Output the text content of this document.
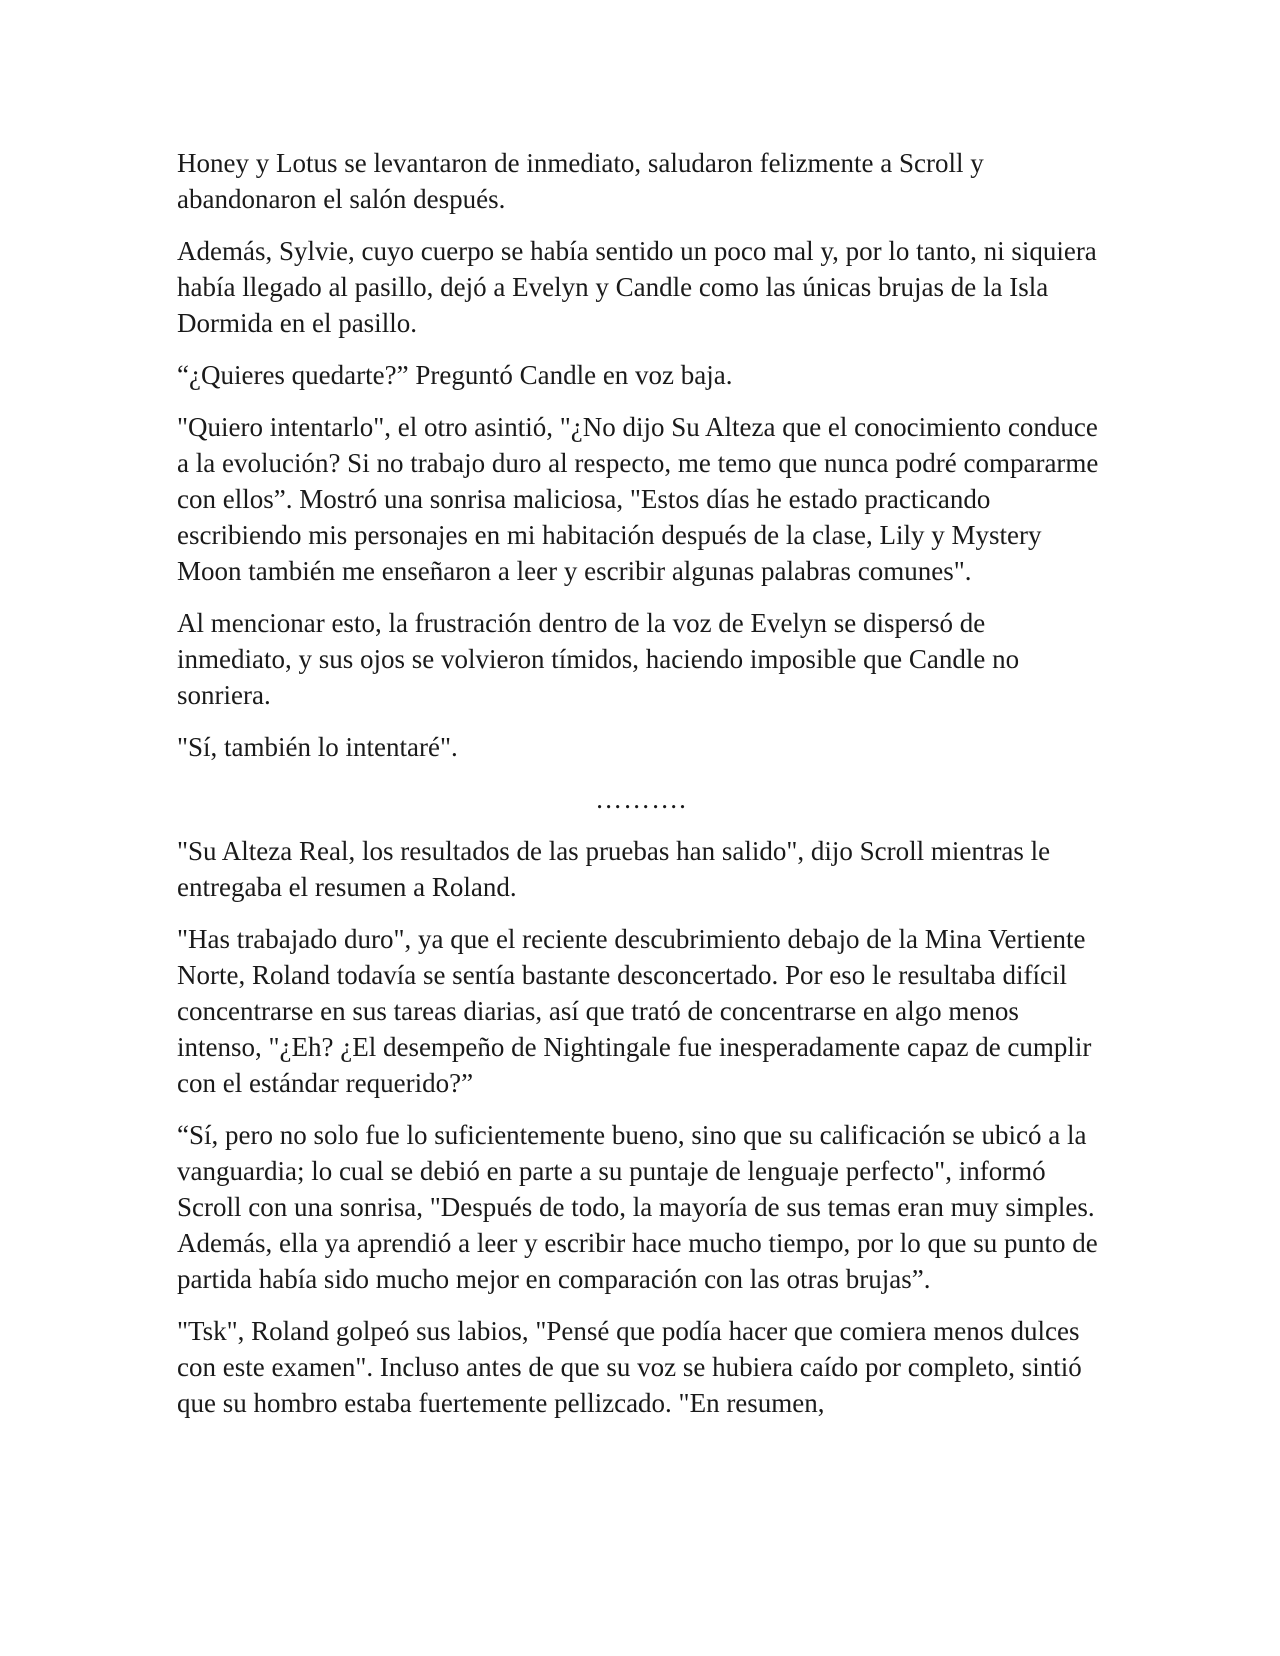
Honey y Lotus se levantaron de inmediato, saludaron felizmente a Scroll y abandonaron el salón después.

Además, Sylvie, cuyo cuerpo se había sentido un poco mal y, por lo tanto, ni siquiera había llegado al pasillo, dejó a Evelyn y Candle como las únicas brujas de la Isla Dormida en el pasillo.

“¿Quieres quedarte?” Preguntó Candle en voz baja.

"Quiero intentarlo", el otro asintió, "¿No dijo Su Alteza que el conocimiento conduce a la evolución? Si no trabajo duro al respecto, me temo que nunca podré compararme con ellos”. Mostró una sonrisa maliciosa, "Estos días he estado practicando escribiendo mis personajes en mi habitación después de la clase, Lily y Mystery Moon también me enseñaron a leer y escribir algunas palabras comunes".

Al mencionar esto, la frustración dentro de la voz de Evelyn se dispersó de inmediato, y sus ojos se volvieron tímidos, haciendo imposible que Candle no sonriera.

"Sí, también lo intentaré".

……….

"Su Alteza Real, los resultados de las pruebas han salido", dijo Scroll mientras le entregaba el resumen a Roland.

"Has trabajado duro", ya que el reciente descubrimiento debajo de la Mina Vertiente Norte, Roland todavía se sentía bastante desconcertado. Por eso le resultaba difícil concentrarse en sus tareas diarias, así que trató de concentrarse en algo menos intenso, "¿Eh? ¿El desempeño de Nightingale fue inesperadamente capaz de cumplir con el estándar requerido?”

“Sí, pero no solo fue lo suficientemente bueno, sino que su calificación se ubicó a la vanguardia; lo cual se debió en parte a su puntaje de lenguaje perfecto", informó Scroll con una sonrisa, "Después de todo, la mayoría de sus temas eran muy simples. Además, ella ya aprendió a leer y escribir hace mucho tiempo, por lo que su punto de partida había sido mucho mejor en comparación con las otras brujas”.

"Tsk", Roland golpeó sus labios, "Pensé que podía hacer que comiera menos dulces con este examen". Incluso antes de que su voz se hubiera caído por completo, sintió que su hombro estaba fuertemente pellizcado. "En resumen,
